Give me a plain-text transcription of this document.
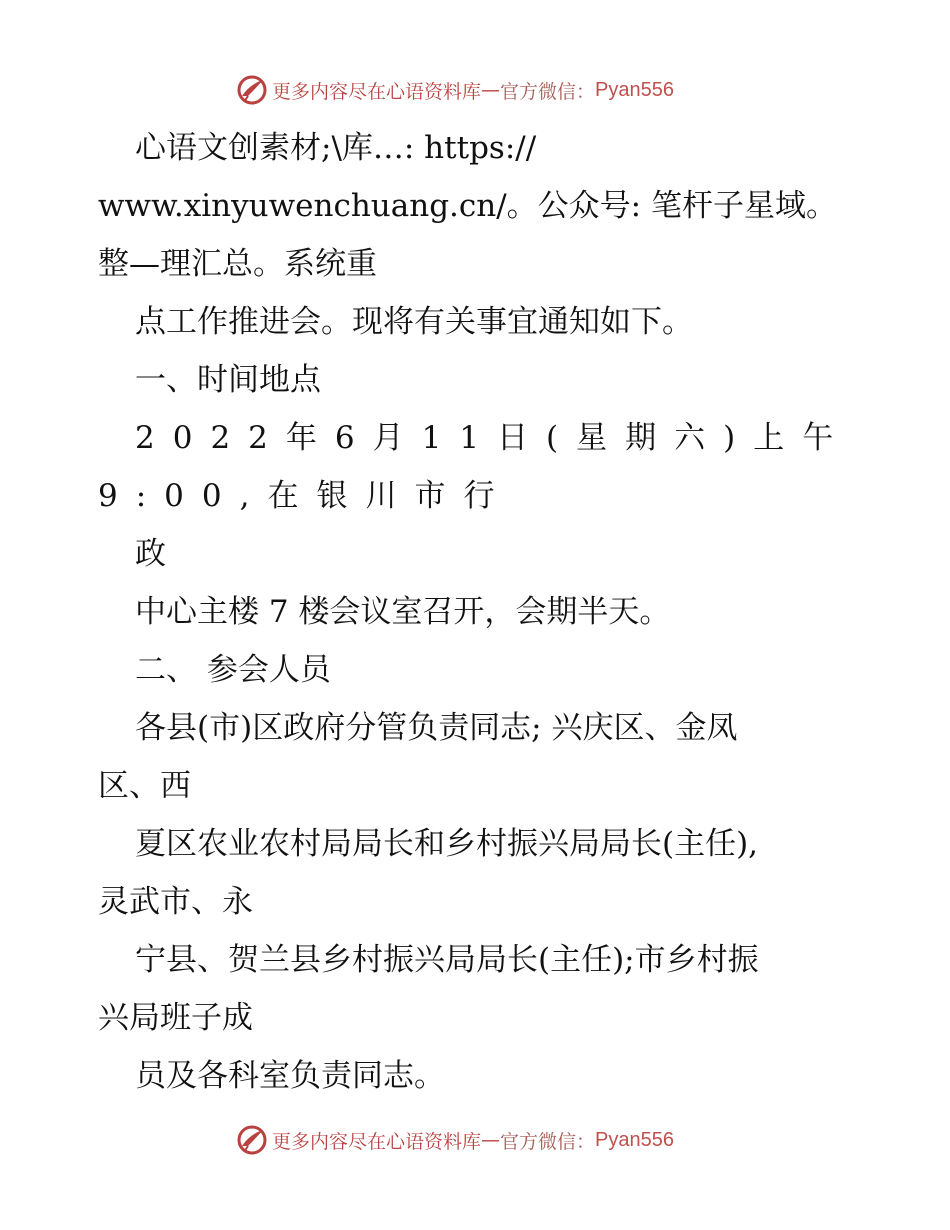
更多内容尽在心语资料库 — 官方微信： Pyan556
心语文创素材;\库…: https://
www.xinyuwenchuang.cn/。公众号: 笔杆子星域。
整—理汇总。系统重
点工作推进会。现将有关事宜通知如下。
一、时间地点
2022年6月11日(星期六)上午
9:00,在银川市行
政
中心主楼 7 楼会议室召开，会期半天。
二、 参会人员
各县(市)区政府分管负责同志; 兴庆区、金凤
区、西
夏区农业农村局局长和乡村振兴局局长(主任),
灵武市、永
宁县、贺兰县乡村振兴局局长(主任);市乡村振
兴局班子成
员及各科室负责同志。
更多内容尽在心语资料库 — 官方微信： Pyan556
